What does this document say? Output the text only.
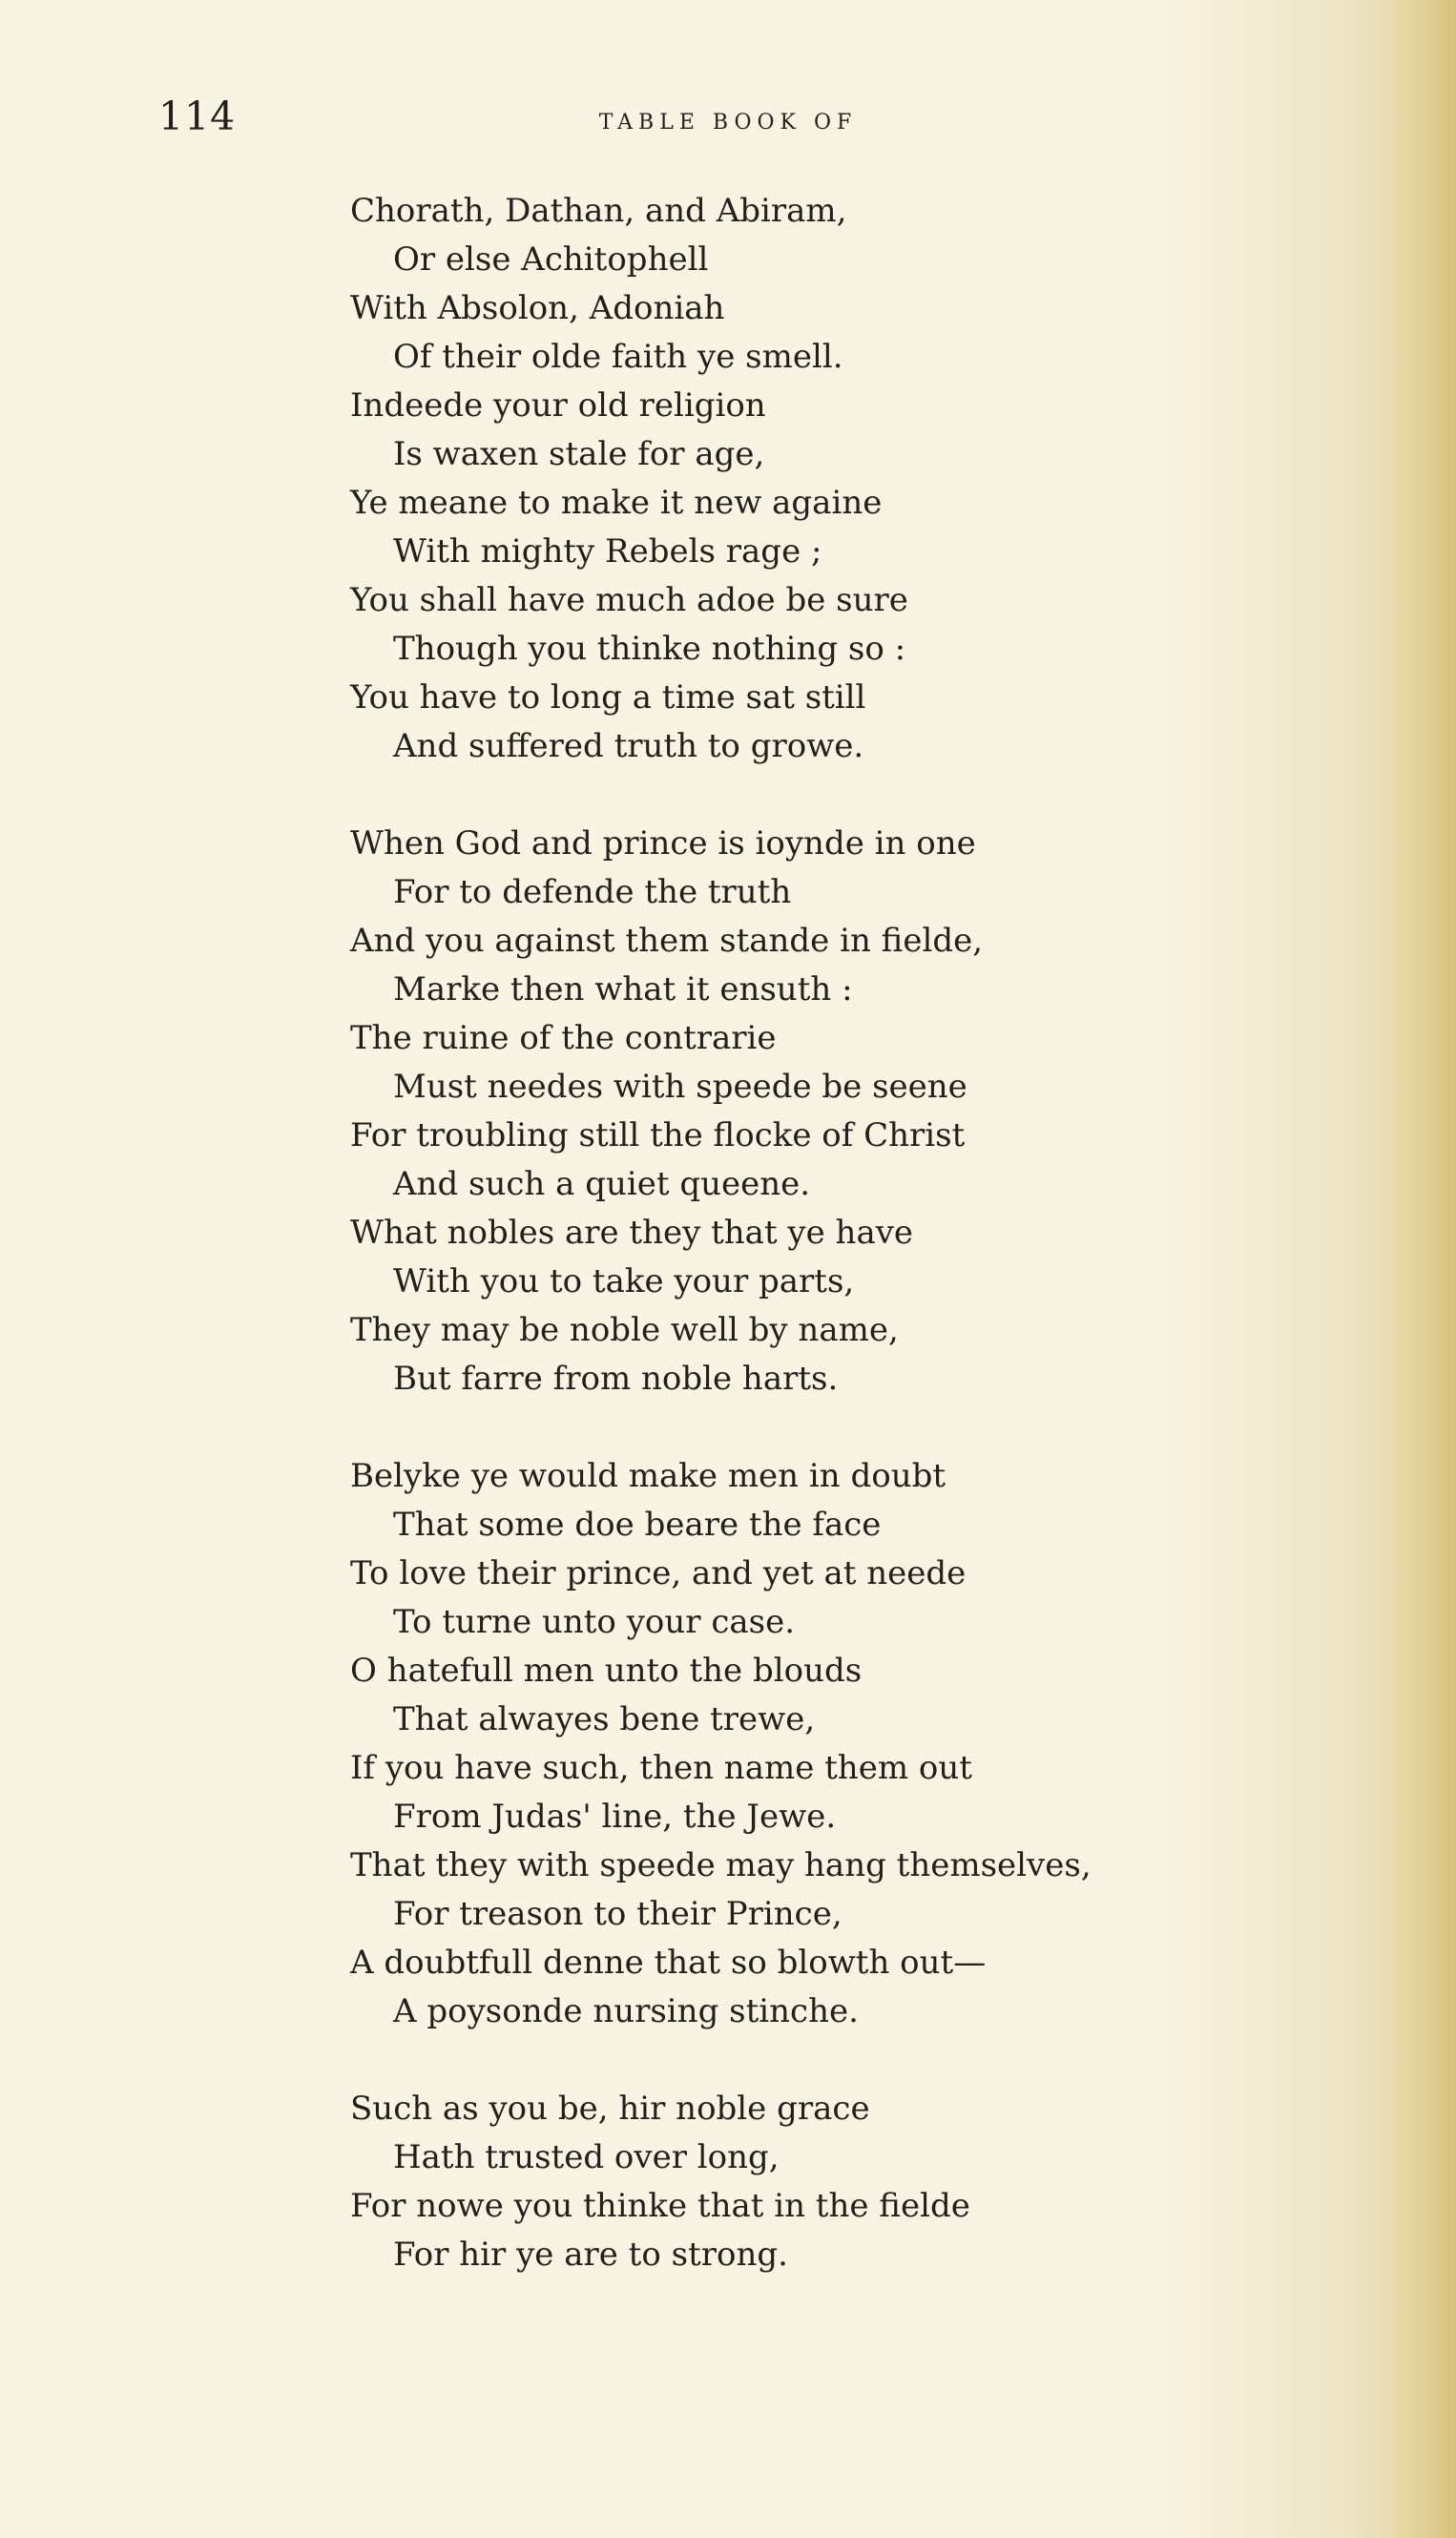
114	TABLE BOOK OF

Chorath, Dathan, and Abiram,
Or else Achitophell
With Absolon, Adoniah
Of their olde faith ye smell.
Indeede your old religion
Is waxen stale for age,
Ye meane to make it new againe
With mighty Rebels rage ;
You shall have much adoe be sure
Though you thinke nothing so :
You have to long a time sat still
And suffered truth to growe.
When God and prince is ioynde in one
For to defende the truth
And you against them stande in fielde,
Marke then what it ensuth :
The ruine of the contrarie
Must needes with speede be seene
For troubling still the flocke of Christ
And such a quiet queene.
What nobles are they that ye have
With you to take your parts,
They may be noble well by name,
But farre from noble harts.
Belyke ye would make men in doubt
That some doe beare the face
To love their prince, and yet at neede
To turne unto your case.
O hatefull men unto the blouds
That alwayes bene trewe,
If you have such, then name them out
From Judas' line, the Jewe.
That they with speede may hang themselves,
For treason to their Prince,
A doubtfull denne that so blowth out—
A poysonde nursing stinche.
Such as you be, hir noble grace
Hath trusted over long,
For nowe you thinke that in the fielde
For hir ye are to strong.
